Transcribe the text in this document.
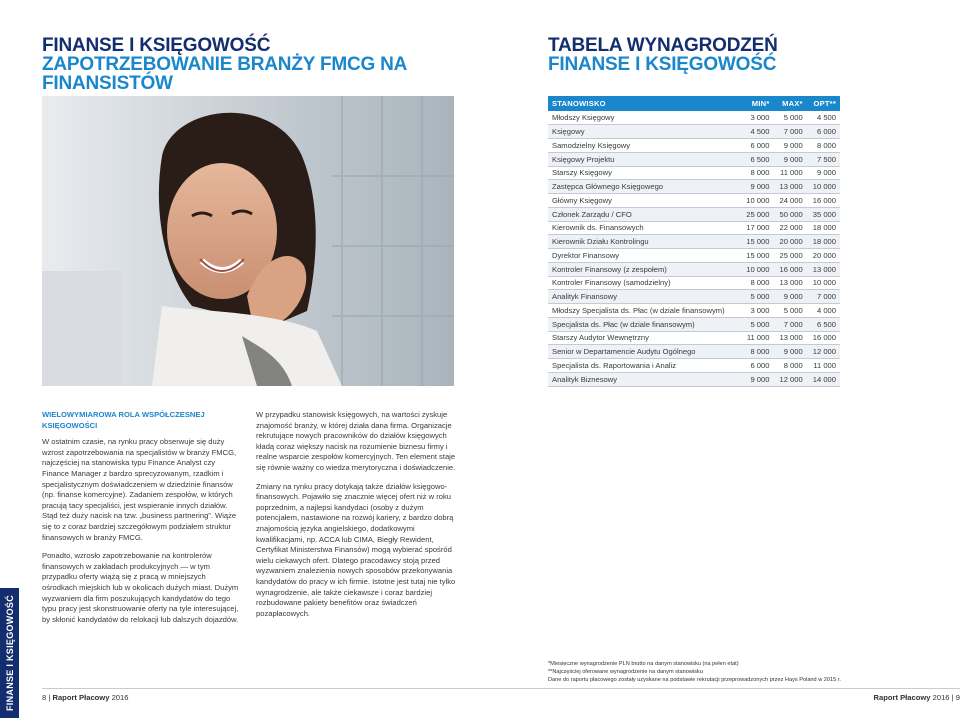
FINANSE I KSIĘGOWOŚĆ
ZAPOTRZEBOWANIE BRANŻY FMCG NA FINANSISTÓW
WIELOWYMIAROWA ROLA WSPÓŁCZESNEJ KSIĘGOWOŚCI

W ostatnim czasie, na rynku pracy obserwuje się duży wzrost zapotrzebowania na specjalistów w branży FMCG, najczęściej na stanowiska typu Finance Analyst czy Finance Manager z bardzo sprecyzowanym, rzadkim i specjalistycznym doświadczeniem w dziedzinie finansów (np. finanse komercyjne). Zadaniem zespołów, w których pracują tacy specjaliści, jest wspieranie innych działów. Stąd też duży nacisk na tzw. „business partnering”. Wiąże się to z coraz bardziej szczegółowym podziałem struktur finansowych w branży FMCG.

Ponadto, wzrosło zapotrzebowanie na kontrolerów finansowych w zakładach produkcyjnych — w tym przypadku oferty wiążą się z pracą w mniejszych ośrodkach miejskich lub w okolicach dużych miast. Dużym wyzwaniem dla firm poszukujących kandydatów do tego typu pracy jest skonstruowanie oferty na tyle interesującej, by skłonić kandydatów do relokacji lub dalszych dojazdów.

W przypadku stanowisk księgowych, na wartości zyskuje znajomość branży, w której działa dana firma. Organizacje rekrutujące nowych pracowników do działów księgowych kładą coraz większy nacisk na rozumienie biznesu firmy i realne wsparcie zespołów komercyjnych. Ten element staje się równie ważny co wiedza merytoryczna i doświadczenie.

Zmiany na rynku pracy dotykają także działów księgowo-finansowych. Pojawiło się znacznie więcej ofert niż w roku poprzednim, a najlepsi kandydaci (osoby z dużym potencjałem, nastawione na rozwój kariery, z bardzo dobrą znajomością języka angielskiego, dodatkowymi kwalifikacjami, np. ACCA lub CIMA, Biegły Rewident, Certyfikat Ministerstwa Finansów) mogą wybierać spośród wielu ciekawych ofert. Dlatego pracodawcy stoją przed wyzwaniem znalezienia nowych sposobów przekonywania kandydatów do pracy w ich firmie. Istotne jest tutaj nie tylko wynagrodzenie, ale także ciekawsze i coraz bardziej rozbudowane pakiety benefitów oraz świadczeń pozapłacowych.

FINANSE I KSIĘGOWOŚĆ	8 | Raport Płacowy 2016
TABELA WYNAGRODZEŃ
FINANSE I KSIĘGOWOŚĆ
STANOWISKO	MIN*	MAX*	OPT**
Młodszy Księgowy	3 000	5 000	4 500
Księgowy	4 500	7 000	6 000
Samodzielny Księgowy	6 000	9 000	8 000
Księgowy Projektu	6 500	9 000	7 500
Starszy Księgowy	8 000	11 000	9 000
Zastępca Głównego Księgowego	9 000	13 000	10 000
Główny Księgowy	10 000	24 000	16 000
Członek Zarządu / CFO	25 000	50 000	35 000
Kierownik ds. Finansowych	17 000	22 000	18 000
Kierownik Działu Kontrolingu	15 000	20 000	18 000
Dyrektor Finansowy	15 000	25 000	20 000
Kontroler Finansowy (z zespołem)	10 000	16 000	13 000
Kontroler Finansowy (samodzielny)	8 000	13 000	10 000
Analityk Finansowy	5 000	9 000	7 000
Młodszy Specjalista ds. Płac (w dziale finansowym)	3 000	5 000	4 000
Specjalista ds. Płac (w dziale finansowym)	5 000	7 000	6 500
Starszy Audytor Wewnętrzny	11 000	13 000	16 000
Senior w Departamencie Audytu Ogólnego	8 000	9 000	12 000
Specjalista ds. Raportowania i Analiz	6 000	8 000	11 000
Analityk Biznesowy	9 000	12 000	14 000
*Miesięczne wynagrodzenie PLN brutto na danym stanowisku (na pełen etat)
**Najczęściej oferowane wynagrodzenie na danym stanowisku
Dane do raportu płacowego zostały uzyskane na podstawie rekrutacji przeprowadzonych przez Hays Poland w 2015 r.
Raport Płacowy 2016 | 9
